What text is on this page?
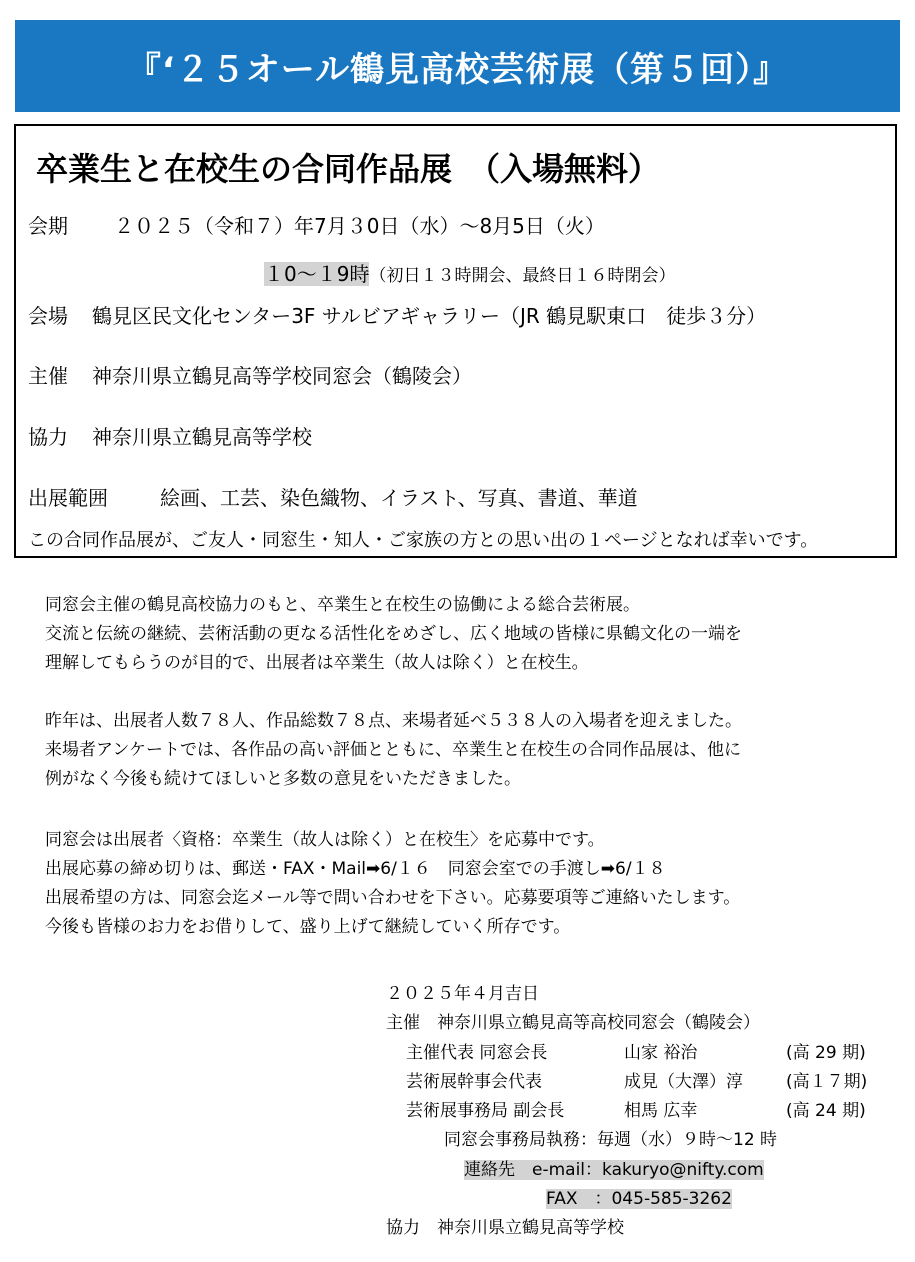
『‘２５オール鶴見高校芸術展（第５回）』
卒業生と在校生の合同作品展　（入場無料）
会期 ２０２５（令和７）年7月３0日（水）～8月5日（火）
１0～１9時（初日１３時開会、最終日１６時閉会）
会場 鶴見区民文化センター3F サルビアギャラリー（JR 鶴見駅東口　徒歩３分）
主催 神奈川県立鶴見高等学校同窓会（鶴陵会）
協力 神奈川県立鶴見高等学校
出展範囲	絵画、工芸、染色織物、イラスト、写真、書道、華道
この合同作品展が、ご友人・同窓生・知人・ご家族の方との思い出の１ページとなれば幸いです。
同窓会主催の鶴見高校協力のもと、卒業生と在校生の協働による総合芸術展。
交流と伝統の継続、芸術活動の更なる活性化をめざし、広く地域の皆様に県鶴文化の一端を
理解してもらうのが目的で、出展者は卒業生（故人は除く）と在校生。
昨年は、出展者人数７８人、作品総数７８点、来場者延べ５３８人の入場者を迎えました。
来場者アンケートでは、各作品の高い評価とともに、卒業生と在校生の合同作品展は、他に
例がなく今後も続けてほしいと多数の意見をいただきました。
同窓会は出展者〈資格：卒業生（故人は除く）と在校生〉を応募中です。
出展応募の締め切りは、郵送・FAX・Mail➡6/１６　同窓会室での手渡し➡6/１８
出展希望の方は、同窓会迄メール等で問い合わせを下さい。応募要項等ご連絡いたします。
今後も皆様のお力をお借りして、盛り上げて継続していく所存です。
２０２５年４月吉日
主催　神奈川県立鶴見高等高校同窓会（鶴陵会）
主催代表 同窓会長	山家 裕治	(高 29 期)
芸術展幹事会代表	成見（大澤）淳	(高１７期)
芸術展事務局 副会長	相馬 広幸	(高 24 期)
同窓会事務局執務：毎週（水）９時～12 時
連絡先　e-mail：kakuryo@nifty.com
FAX　：045-585-3262
協力　神奈川県立鶴見高等学校
